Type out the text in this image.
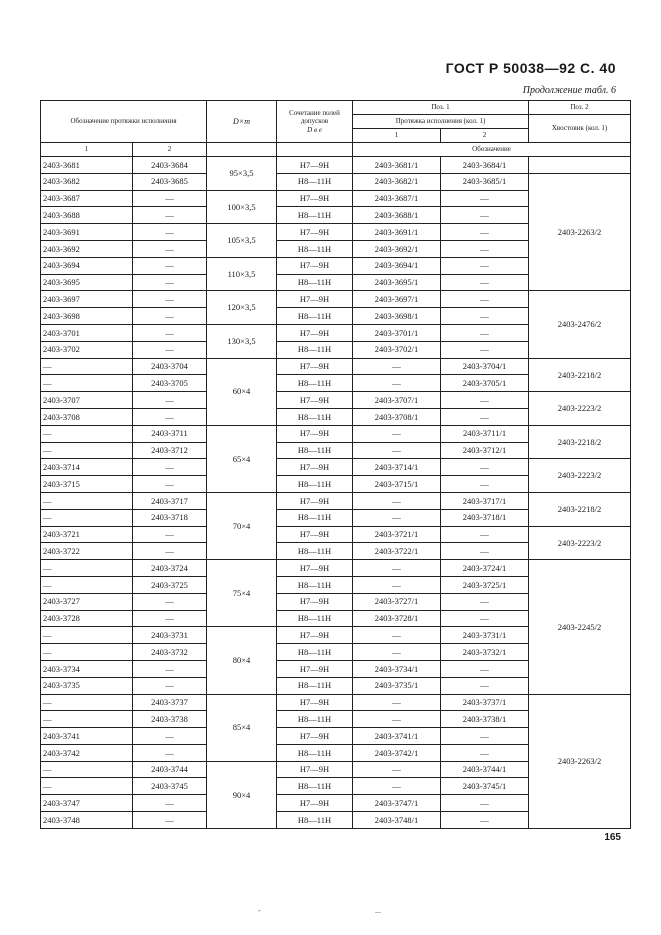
ГОСТ Р 50038—92 С. 40
Продолжение табл. 6
Обозначение протяжки исполнения		D×m	Сочетание полей допусков
D в е	Поз. 1		Поз. 2
				Протяжка исполнения (кол. 1)		Хвостовик (кол. 1)
				1	2	
1	2			Обозначение		
2403-3681	2403-3684	95×3,5	H7—9H	2403-3681/1	2403-3684/1	
2403-3682	2403-3685		H8—11H	2403-3682/1	2403-3685/1	2403-2263/2
2403-3687	—	100×3,5	H7—9H	2403-3687/1	—	
2403-3688	—		H8—11H	2403-3688/1	—	
2403-3691	—	105×3,5	H7—9H	2403-3691/1	—	
2403-3692	—		H8—11H	2403-3692/1	—	
2403-3694	—	110×3,5	H7—9H	2403-3694/1	—	
2403-3695	—		H8—11H	2403-3695/1	—	
2403-3697	—	120×3,5	H7—9H	2403-3697/1	—	2403-2476/2
2403-3698	—		H8—11H	2403-3698/1	—	
2403-3701	—	130×3,5	H7—9H	2403-3701/1	—	
2403-3702	—		H8—11H	2403-3702/1	—	
—	2403-3704	60×4	H7—9H	—	2403-3704/1	2403-2218/2
—	2403-3705		H8—11H	—	2403-3705/1	
2403-3707	—		H7—9H	2403-3707/1	—	2403-2223/2
2403-3708	—		H8—11H	2403-3708/1	—	
—	2403-3711	65×4	H7—9H	—	2403-3711/1	2403-2218/2
—	2403-3712		H8—11H	—	2403-3712/1	
2403-3714	—		H7—9H	2403-3714/1	—	2403-2223/2
2403-3715	—		H8—11H	2403-3715/1	—	
—	2403-3717	70×4	H7—9H	—	2403-3717/1	2403-2218/2
—	2403-3718		H8—11H	—	2403-3718/1	
2403-3721	—		H7—9H	2403-3721/1	—	2403-2223/2
2403-3722	—		H8—11H	2403-3722/1	—	
—	2403-3724	75×4	H7—9H	—	2403-3724/1	2403-2245/2
—	2403-3725		H8—11H	—	2403-3725/1	
2403-3727	—		H7—9H	2403-3727/1	—	
2403-3728	—		H8—11H	2403-3728/1	—	
—	2403-3731	80×4	H7—9H	—	2403-3731/1	
—	2403-3732		H8—11H	—	2403-3732/1	
2403-3734	—		H7—9H	2403-3734/1	—	
2403-3735	—		H8—11H	2403-3735/1	—	
—	2403-3737	85×4	H7—9H	—	2403-3737/1	2403-2263/2
—	2403-3738		H8—11H	—	2403-3738/1	
2403-3741	—		H7—9H	2403-3741/1	—	
2403-3742	—		H8—11H	2403-3742/1	—	
—	2403-3744	90×4	H7—9H	—	2403-3744/1	
—	2403-3745		H8—11H	—	2403-3745/1	
2403-3747	—		H7—9H	2403-3747/1	—	
2403-3748	—		H8—11H	2403-3748/1	—	
165
-	...
